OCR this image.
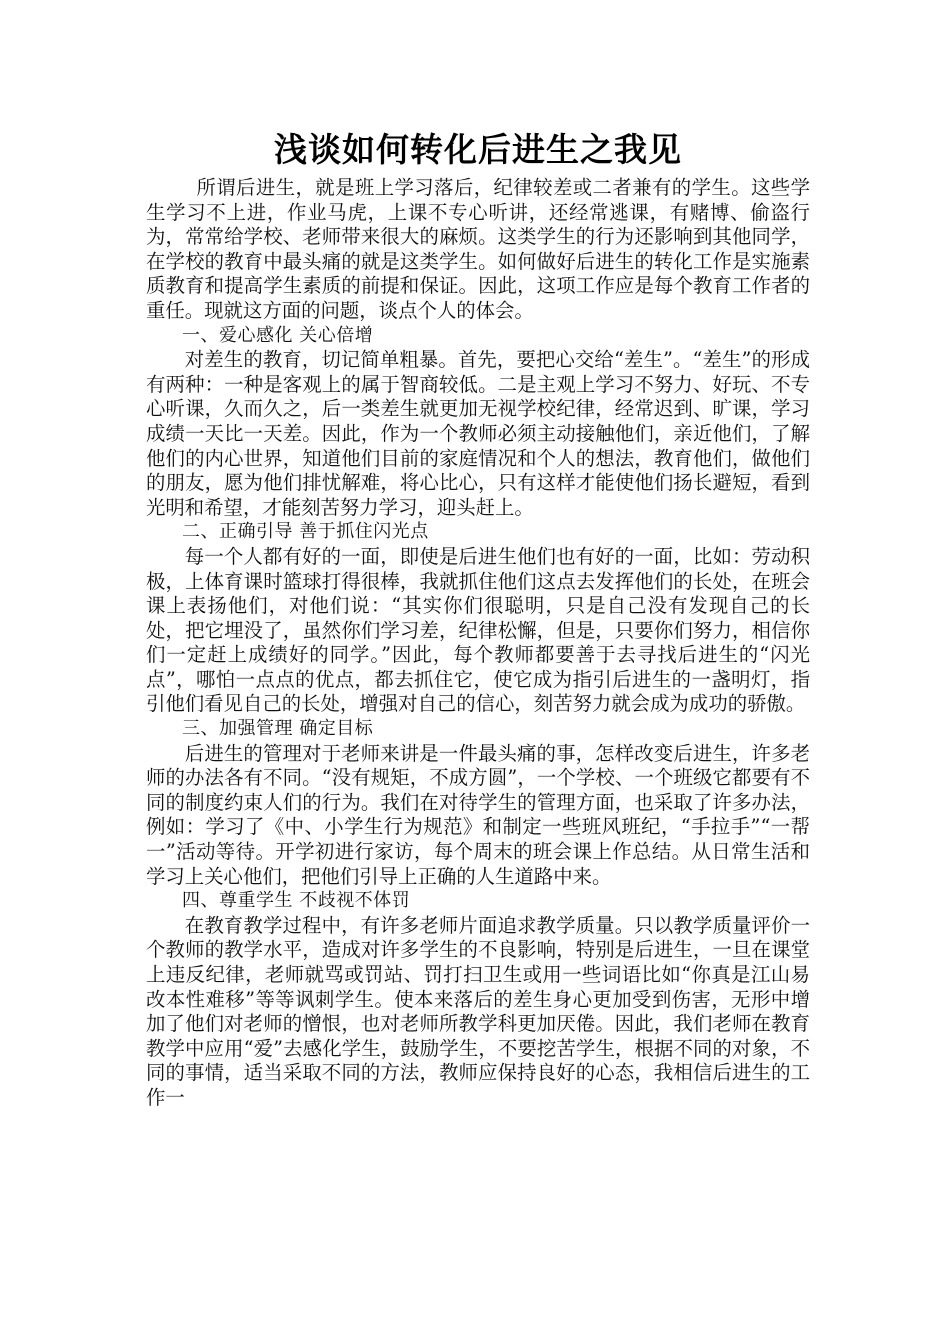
浅谈如何转化后进生之我见

所谓后进生，就是班上学习落后，纪律较差或二者兼有的学生。这些学生学习不上进，作业马虎，上课不专心听讲，还经常逃课，有赌博、偷盗行为，常常给学校、老师带来很大的麻烦。这类学生的行为还影响到其他同学，在学校的教育中最头痛的就是这类学生。如何做好后进生的转化工作是实施素质教育和提高学生素质的前提和保证。因此，这项工作应是每个教育工作者的重任。现就这方面的问题，谈点个人的体会。

一、爱心感化 关心倍增

对差生的教育，切记简单粗暴。首先，要把心交给“差生”。“差生”的形成有两种：一种是客观上的属于智商较低。二是主观上学习不努力、好玩、不专心听课，久而久之，后一类差生就更加无视学校纪律，经常迟到、旷课，学习成绩一天比一天差。因此，作为一个教师必须主动接触他们，亲近他们，了解他们的内心世界，知道他们目前的家庭情况和个人的想法，教育他们，做他们的朋友，愿为他们排忧解难，将心比心，只有这样才能使他们扬长避短，看到光明和希望，才能刻苦努力学习，迎头赶上。

二、正确引导 善于抓住闪光点

每一个人都有好的一面，即使是后进生他们也有好的一面，比如：劳动积极，上体育课时篮球打得很棒，我就抓住他们这点去发挥他们的长处，在班会课上表扬他们，对他们说：“其实你们很聪明，只是自己没有发现自己的长处，把它埋没了，虽然你们学习差，纪律松懈，但是，只要你们努力，相信你们一定赶上成绩好的同学。”因此，每个教师都要善于去寻找后进生的“闪光点”，哪怕一点点的优点，都去抓住它，使它成为指引后进生的一盏明灯，指引他们看见自己的长处，增强对自己的信心，刻苦努力就会成为成功的骄傲。

三、加强管理 确定目标

后进生的管理对于老师来讲是一件最头痛的事，怎样改变后进生，许多老师的办法各有不同。“没有规矩，不成方圆”，一个学校、一个班级它都要有不同的制度约束人们的行为。我们在对待学生的管理方面，也采取了许多办法，例如：学习了《中、小学生行为规范》和制定一些班风班纪，“手拉手”“一帮一”活动等待。开学初进行家访，每个周末的班会课上作总结。从日常生活和学习上关心他们，把他们引导上正确的人生道路中来。

四、尊重学生 不歧视不体罚

在教育教学过程中，有许多老师片面追求教学质量。只以教学质量评价一个教师的教学水平，造成对许多学生的不良影响，特别是后进生，一旦在课堂上违反纪律，老师就骂或罚站、罚打扫卫生或用一些词语比如“你真是江山易改本性难移”等等讽刺学生。使本来落后的差生身心更加受到伤害，无形中增加了他们对老师的憎恨，也对老师所教学科更加厌倦。因此，我们老师在教育教学中应用“爱”去感化学生，鼓励学生，不要挖苦学生，根据不同的对象，不同的事情，适当采取不同的方法，教师应保持良好的心态，我相信后进生的工作一
